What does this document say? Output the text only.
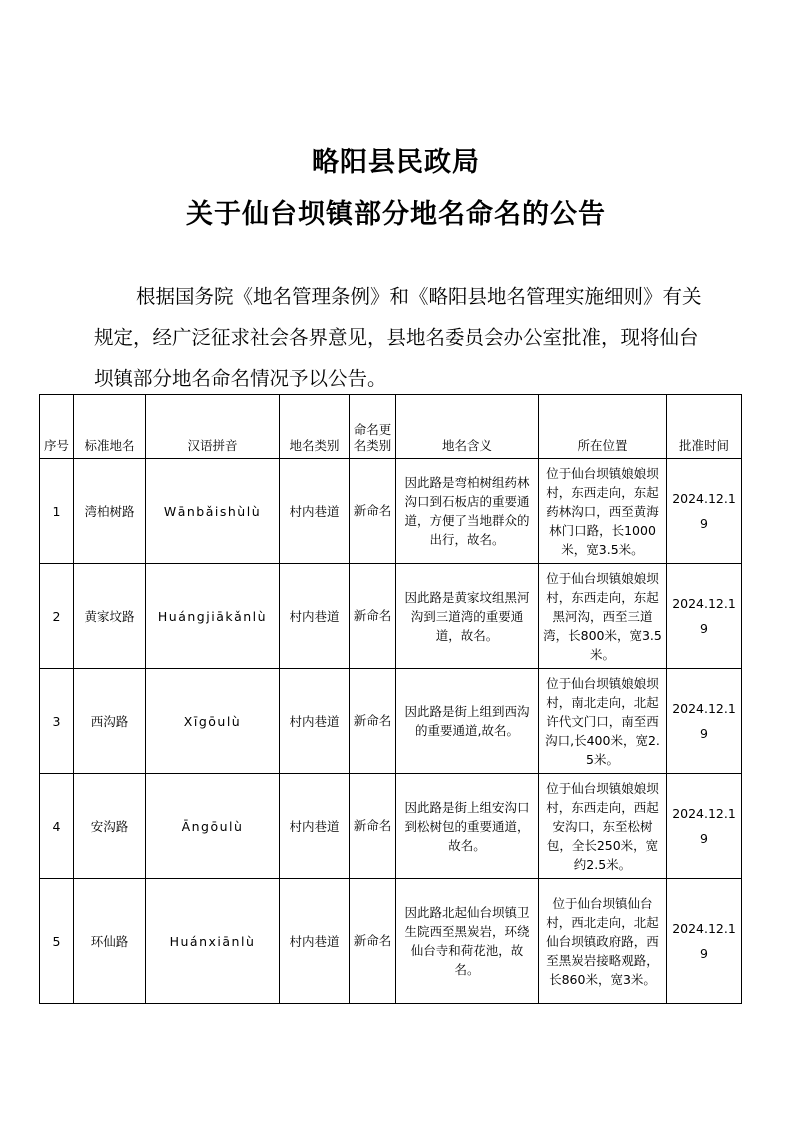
略阳县民政局
关于仙台坝镇部分地名命名的公告
根据国务院《地名管理条例》和《略阳县地名管理实施细则》有关规定，经广泛征求社会各界意见，县地名委员会办公室批准，现将仙台坝镇部分地名命名情况予以公告。
序号	标准地名	汉语拼音	地名类别	命名更名类别	地名含义	所在位置	批准时间
1	湾柏树路	Wānbǎishùlù	村内巷道	新命名	因此路是弯柏树组药林沟口到石板店的重要通道，方便了当地群众的出行，故名。	位于仙台坝镇娘娘坝村，东西走向，东起药林沟口，西至黄海林门口路，长1000米，宽3.5米。	2024.12.19
2	黄家坟路	Huángjiākǎnlù	村内巷道	新命名	因此路是黄家坟组黑河沟到三道湾的重要通道，故名。	位于仙台坝镇娘娘坝村，东西走向，东起黑河沟，西至三道湾，长800米，宽3.5米。	2024.12.19
3	西沟路	Xīgōulù	村内巷道	新命名	因此路是街上组到西沟的重要通道,故名。	位于仙台坝镇娘娘坝村，南北走向，北起许代文门口，南至西沟口,长400米，宽2.5米。	2024.12.19
4	安沟路	Āngōulù	村内巷道	新命名	因此路是街上组安沟口到松树包的重要通道，故名。	位于仙台坝镇娘娘坝村，东西走向，西起安沟口，东至松树包，全长250米，宽约2.5米。	2024.12.19
5	环仙路	Huánxiānlù	村内巷道	新命名	因此路北起仙台坝镇卫生院西至黑炭岩，环绕仙台寺和荷花池，故名。	位于仙台坝镇仙台村，西北走向，北起仙台坝镇政府路，西至黑炭岩接略观路，长860米，宽3米。	2024.12.19
